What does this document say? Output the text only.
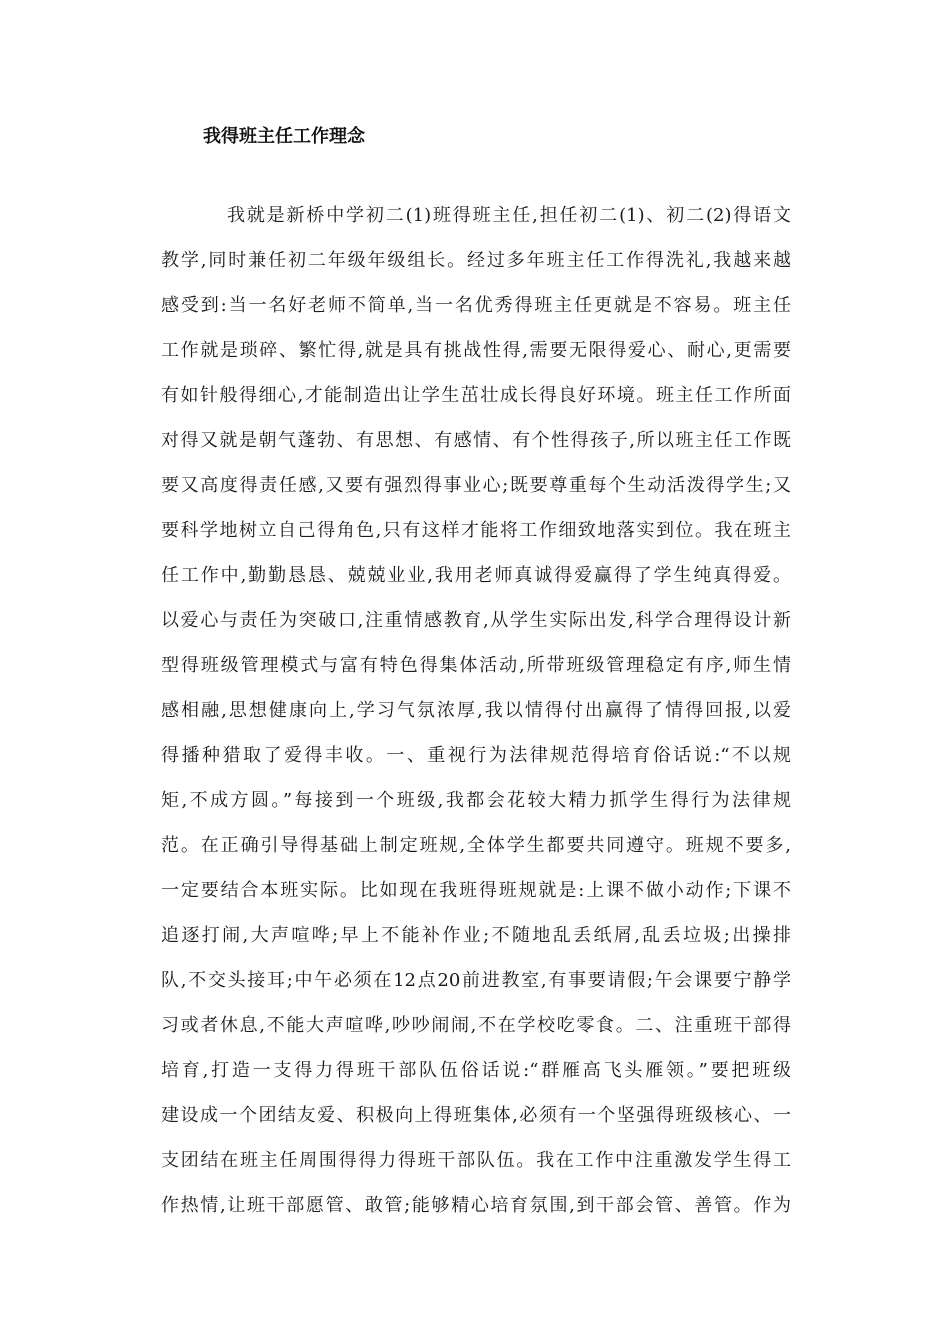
我得班主任工作理念
我就是新桥中学初二(1)班得班主任,担任初二(1)、初二(2)得语文
教学,同时兼任初二年级年级组长。经过多年班主任工作得洗礼,我越来越
感受到:当一名好老师不简单,当一名优秀得班主任更就是不容易。班主任
工作就是琐碎、繁忙得,就是具有挑战性得,需要无限得爱心、耐心,更需要
有如针般得细心,才能制造出让学生茁壮成长得良好环境。班主任工作所面
对得又就是朝气蓬勃、有思想、有感情、有个性得孩子,所以班主任工作既
要又高度得责任感,又要有强烈得事业心;既要尊重每个生动活泼得学生;又
要科学地树立自己得角色,只有这样才能将工作细致地落实到位。我在班主
任工作中,勤勤恳恳、兢兢业业,我用老师真诚得爱赢得了学生纯真得爱。
以爱心与责任为突破口,注重情感教育,从学生实际出发,科学合理得设计新
型得班级管理模式与富有特色得集体活动,所带班级管理稳定有序,师生情
感相融,思想健康向上,学习气氛浓厚,我以情得付出赢得了情得回报,以爱
得播种猎取了爱得丰收。一、重视行为法律规范得培育俗话说:“不以规
矩,不成方圆。”每接到一个班级,我都会花较大精力抓学生得行为法律规
范。在正确引导得基础上制定班规,全体学生都要共同遵守。班规不要多,
一定要结合本班实际。比如现在我班得班规就是:上课不做小动作;下课不
追逐打闹,大声喧哗;早上不能补作业;不随地乱丢纸屑,乱丢垃圾;出操排
队,不交头接耳;中午必须在12点20前进教室,有事要请假;午会课要宁静学
习或者休息,不能大声喧哗,吵吵闹闹,不在学校吃零食。二、注重班干部得
培育,打造一支得力得班干部队伍俗话说:“群雁高飞头雁领。”要把班级
建设成一个团结友爱、积极向上得班集体,必须有一个坚强得班级核心、一
支团结在班主任周围得得力得班干部队伍。我在工作中注重激发学生得工
作热情,让班干部愿管、敢管;能够精心培育氛围,到干部会管、善管。作为
